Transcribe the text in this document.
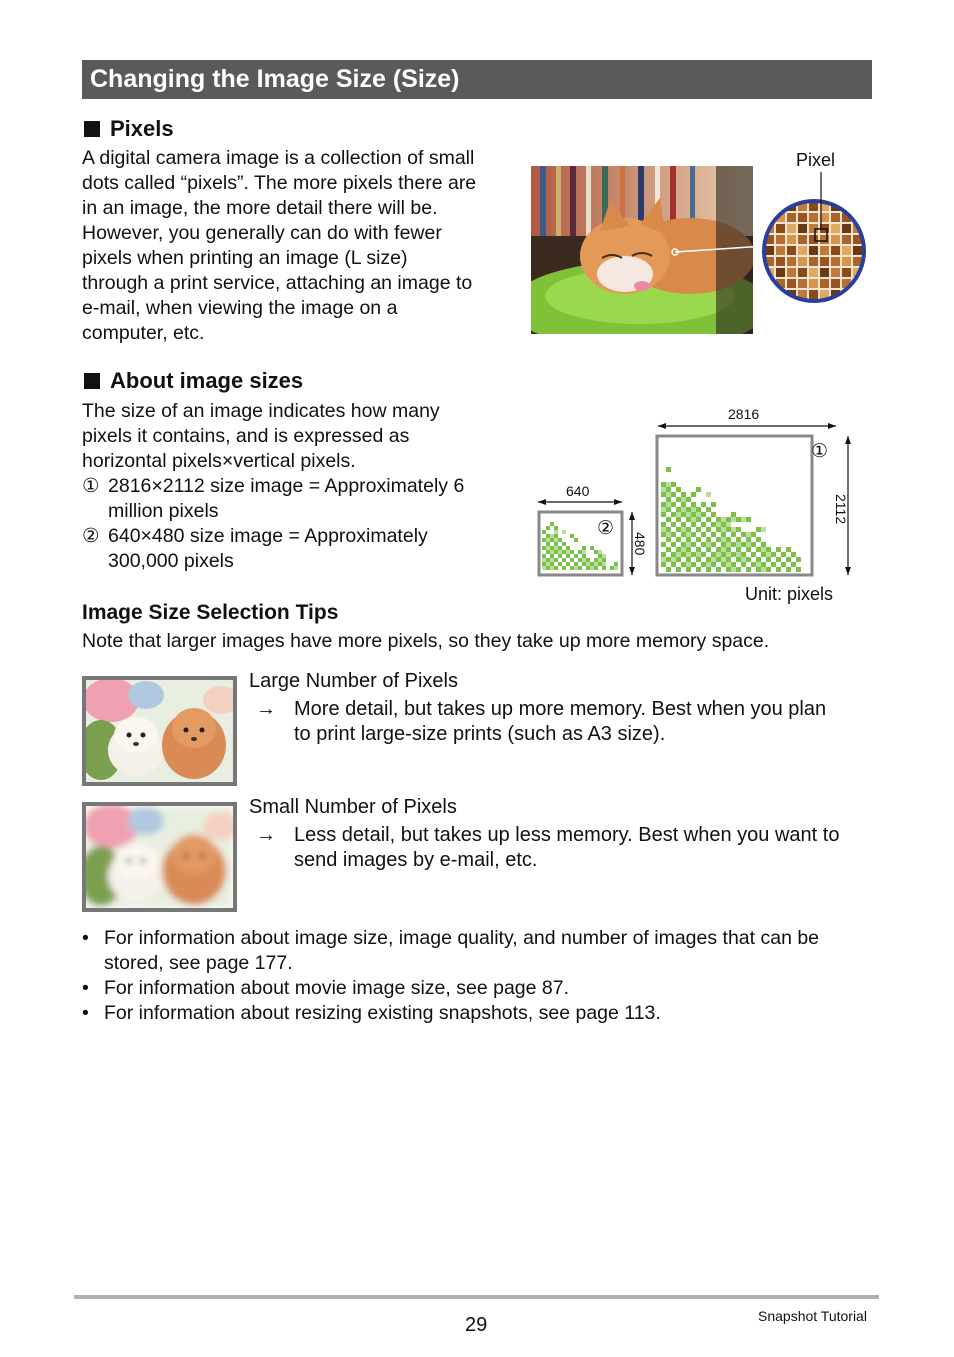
Changing the Image Size (Size)
Pixels
A digital camera image is a collection of small
dots called “pixels”. The more pixels there are
in an image, the more detail there will be.
However, you generally can do with fewer
pixels when printing an image (L size)
through a print service, attaching an image to
e-mail, when viewing the image on a
computer, etc.
Pixel
About image sizes
The size of an image indicates how many
pixels it contains, and is expressed as
horizontal pixels×vertical pixels.
① 2816×2112 size image = Approximately 6
million pixels
② 640×480 size image = Approximately
300,000 pixels
2816
①
2112
640
②
480
Unit: pixels
Image Size Selection Tips
Note that larger images have more pixels, so they take up more memory space.
Large Number of Pixels
→ More detail, but takes up more memory. Best when you plan
to print large-size prints (such as A3 size).
Small Number of Pixels
→ Less detail, but takes up less memory. Best when you want to
send images by e-mail, etc.
• For information about image size, image quality, and number of images that can be
stored, see page 177.
• For information about movie image size, see page 87.
• For information about resizing existing snapshots, see page 113.
29	Snapshot Tutorial
